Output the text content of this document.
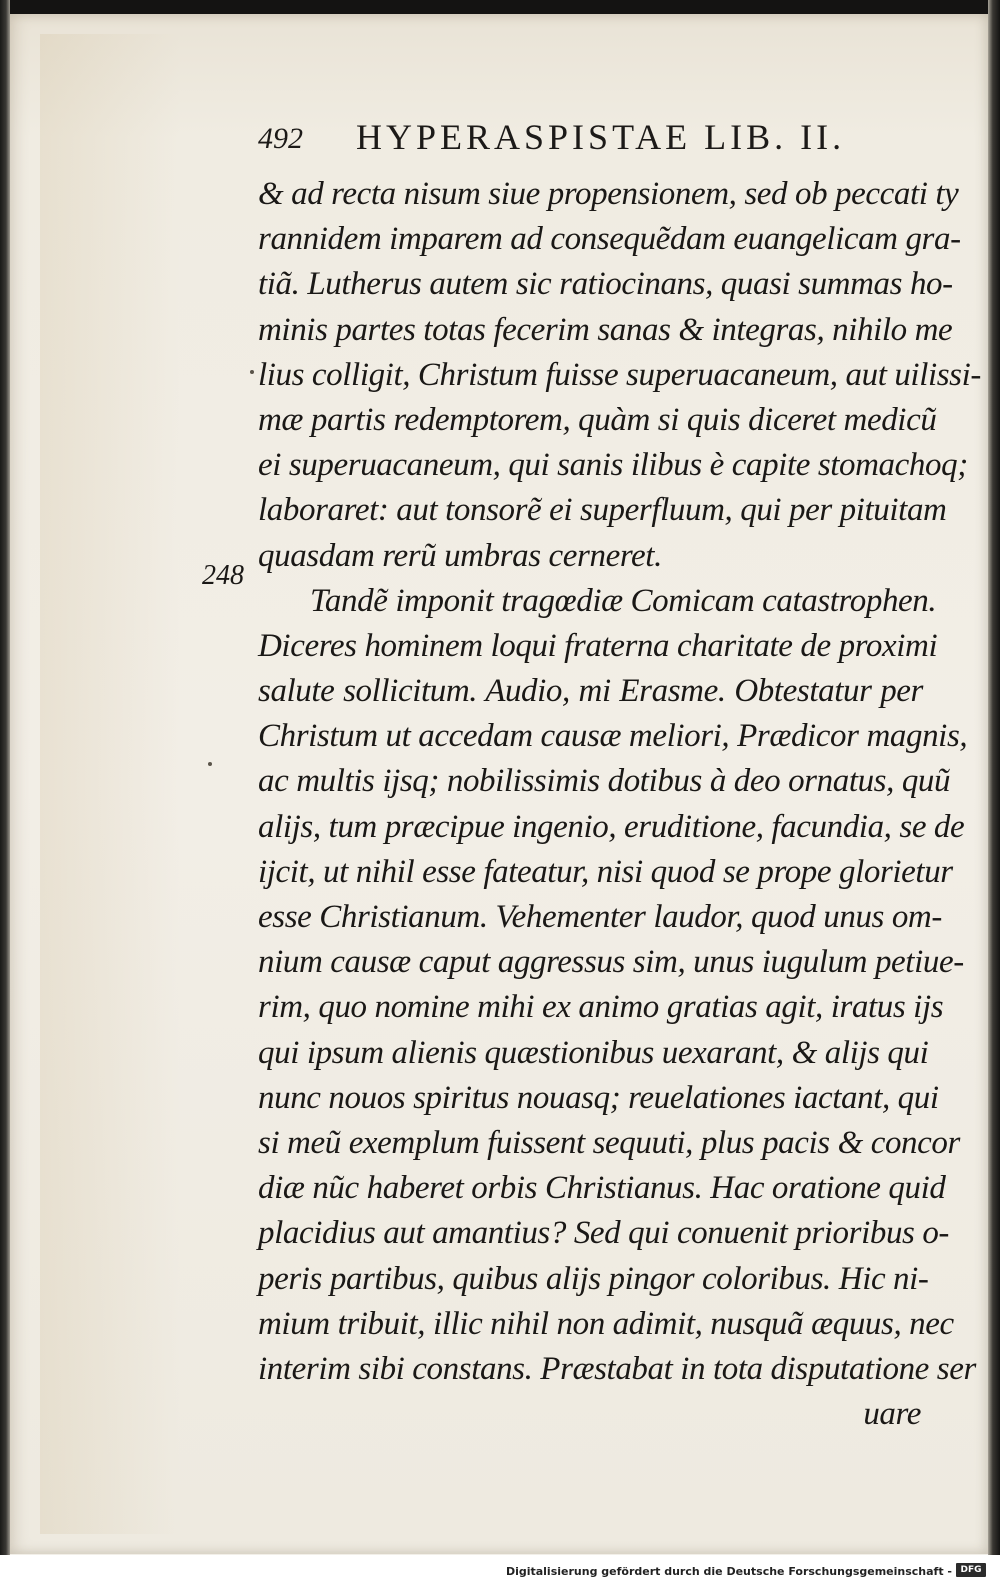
492 HYPERASPISTAE LIB. II.
248
& ad recta nisum siue propensionem, sed ob peccati ty
rannidem imparem ad consequẽdam euangelicam gra-
tiã. Lutherus autem sic ratiocinans, quasi summas ho-
minis partes totas fecerim sanas & integras, nihilo me
lius colligit, Christum fuisse superuacaneum, aut uilissi-
mæ partis redemptorem, quàm si quis diceret medicũ
ei superuacaneum, qui sanis ilibus è capite stomachoq;
laboraret: aut tonsorẽ ei superfluum, qui per pituitam
quasdam rerũ umbras cerneret.
Tandẽ imponit tragœdiæ Comicam catastrophen.
Diceres hominem loqui fraterna charitate de proximi
salute sollicitum. Audio, mi Erasme. Obtestatur per
Christum ut accedam causæ meliori, Prædicor magnis,
ac multis ijsq; nobilissimis dotibus à deo ornatus, quũ
alijs, tum præcipue ingenio, eruditione, facundia, se de
ijcit, ut nihil esse fateatur, nisi quod se prope glorietur
esse Christianum. Vehementer laudor, quod unus om-
nium causæ caput aggressus sim, unus iugulum petiue-
rim, quo nomine mihi ex animo gratias agit, iratus ijs
qui ipsum alienis quæstionibus uexarant, & alijs qui
nunc nouos spiritus nouasq; reuelationes iactant, qui
si meũ exemplum fuissent sequuti, plus pacis & concor
diæ nũc haberet orbis Christianus. Hac oratione quid
placidius aut amantius? Sed qui conuenit prioribus o-
peris partibus, quibus alijs pingor coloribus. Hic ni-
mium tribuit, illic nihil non adimit, nusquã æquus, nec
interim sibi constans. Præstabat in tota disputatione ser
uare
Digitalisierung gefördert durch die Deutsche Forschungsgemeinschaft - DFG
